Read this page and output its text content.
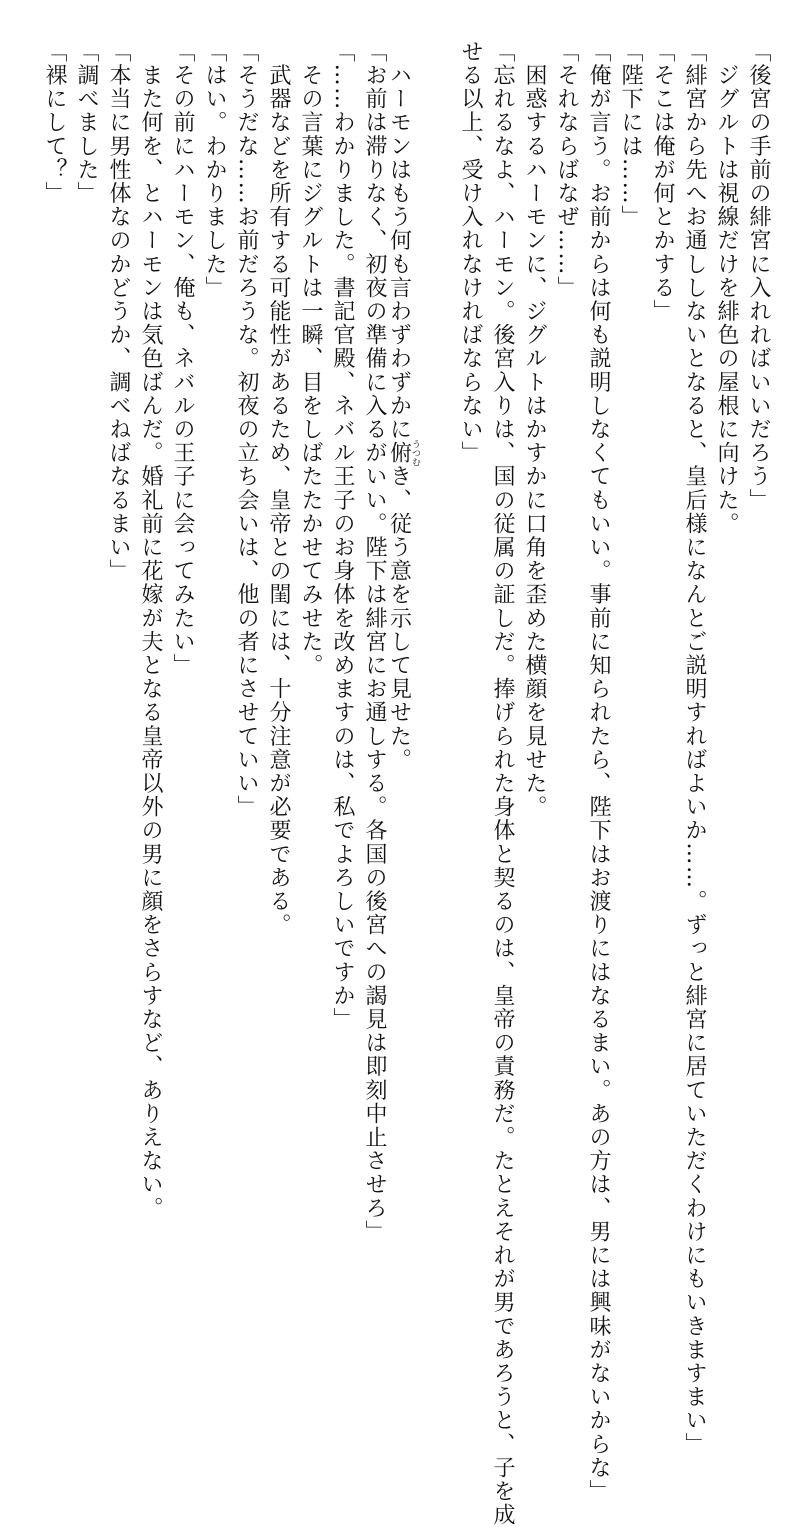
「後宮の手前の緋宮に入れればいいだろう」
　ジグルトは視線だけを緋色の屋根に向けた。
「緋宮から先へお通ししないとなると、皇后様になんとご説明すればよいか……。ずっと緋宮に居ていただくわけにもいきますまい」
「そこは俺が何とかする」
「陛下には……」
「俺が言う。お前からは何も説明しなくてもいい。事前に知られたら、陛下はお渡りにはなるまい。あの方は、男には興味がないからな」
「それならばなぜ……」
　困惑するハーモンに、ジグルトはかすかに口角を歪めた横顔を見せた。
「忘れるなよ、ハーモン。後宮入りは、国の従属の証しだ。捧げられた身体と契るのは、皇帝の責務だ。たとえそれが男であろうと、子を成
せる以上、受け入れなければならない」
　ハーモンはもう何も言わずわずかに俯うつむき、従う意を示して見せた。
「お前は滞りなく、初夜の準備に入るがいい。陛下は緋宮にお通しする。各国の後宮への謁見は即刻中止させろ」
「……わかりました。書記官殿、ネバル王子のお身体を改めますのは、私でよろしいですか」
　その言葉にジグルトは一瞬、目をしばたたかせてみせた。
　武器などを所有する可能性があるため、皇帝との閨には、十分注意が必要である。
「そうだな……お前だろうな。初夜の立ち会いは、他の者にさせていい」
「はい。わかりました」
「その前にハーモン、俺も、ネバルの王子に会ってみたい」
　また何を、とハーモンは気色ばんだ。婚礼前に花嫁が夫となる皇帝以外の男に顔をさらすなど、ありえない。
「本当に男性体なのかどうか、調べねばなるまい」
「調べました」
「裸にして？」
